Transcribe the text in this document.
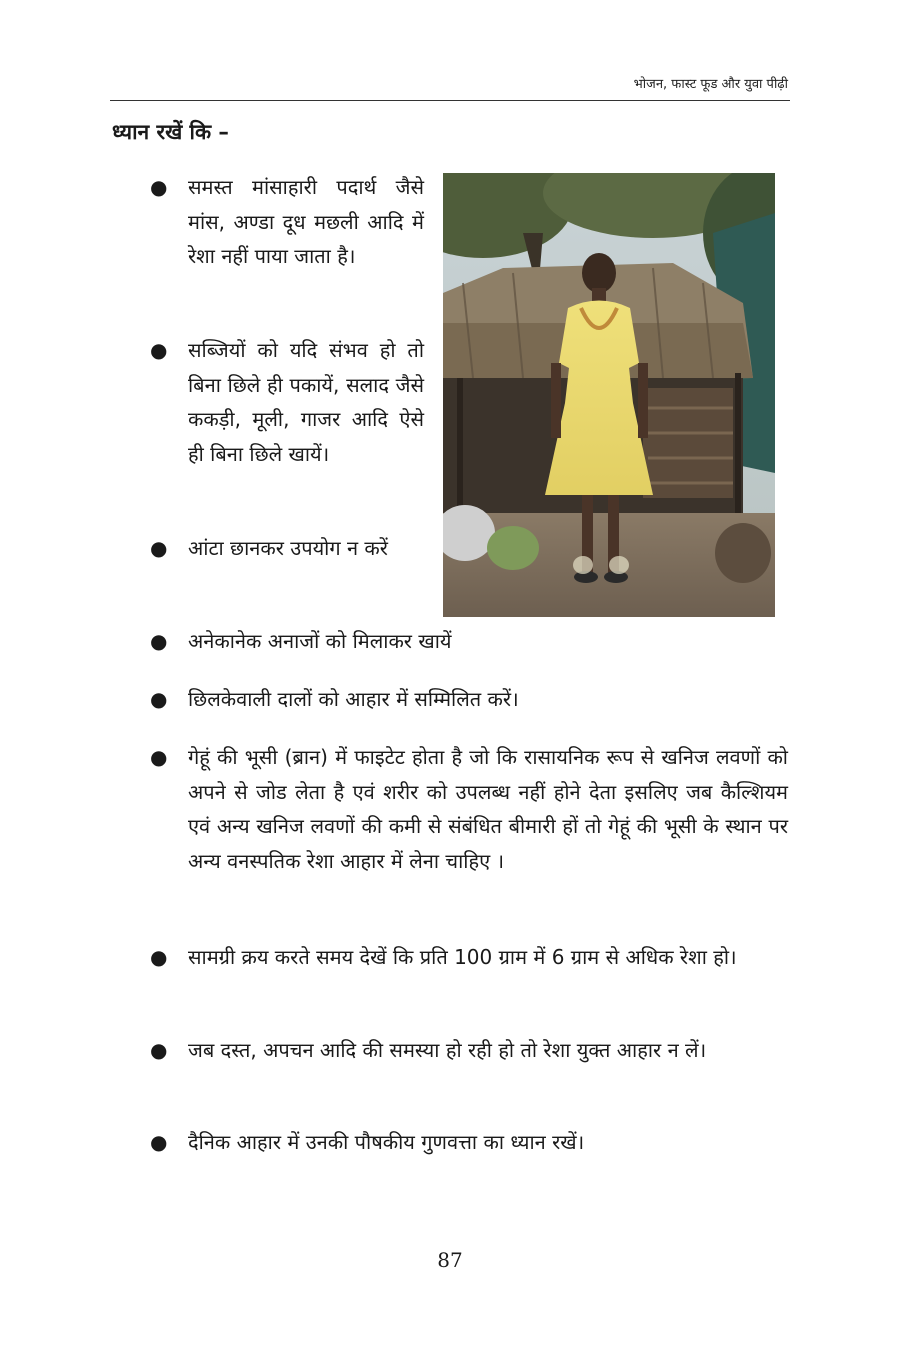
भोजन, फास्ट फूड और युवा पीढ़ी
ध्यान रखें कि –
● समस्त मांसाहारी पदार्थ जैसे मांस, अण्डा दूध मछली आदि में रेशा नहीं पाया जाता है।
● सब्जियों को यदि संभव हो तो बिना छिले ही पकायें, सलाद जैसे ककड़ी, मूली, गाजर आदि ऐसे ही बिना छिले खायें।
● आंटा छानकर उपयोग न करें
● अनेकानेक अनाजों को मिलाकर खायें
● छिलकेवाली दालों को आहार में सम्मिलित करें।
● गेहूं की भूसी (ब्रान) में फाइटेट होता है जो कि रासायनिक रूप से खनिज लवणों को अपने से जोड लेता है एवं शरीर को उपलब्ध नहीं होने देता इसलिए जब कैल्शियम एवं अन्य खनिज लवणों की कमी से संबंधित बीमारी हों तो गेहूं की भूसी के स्थान पर अन्य वनस्पतिक रेशा आहार में लेना चाहिए ।
● सामग्री क्रय करते समय देखें कि प्रति 100 ग्राम में 6 ग्राम से अधिक रेशा हो।
● जब दस्त, अपचन आदि की समस्या हो रही हो तो रेशा युक्त आहार न लें।
● दैनिक आहार में उनकी पौषकीय गुणवत्ता का ध्यान रखें।
87
